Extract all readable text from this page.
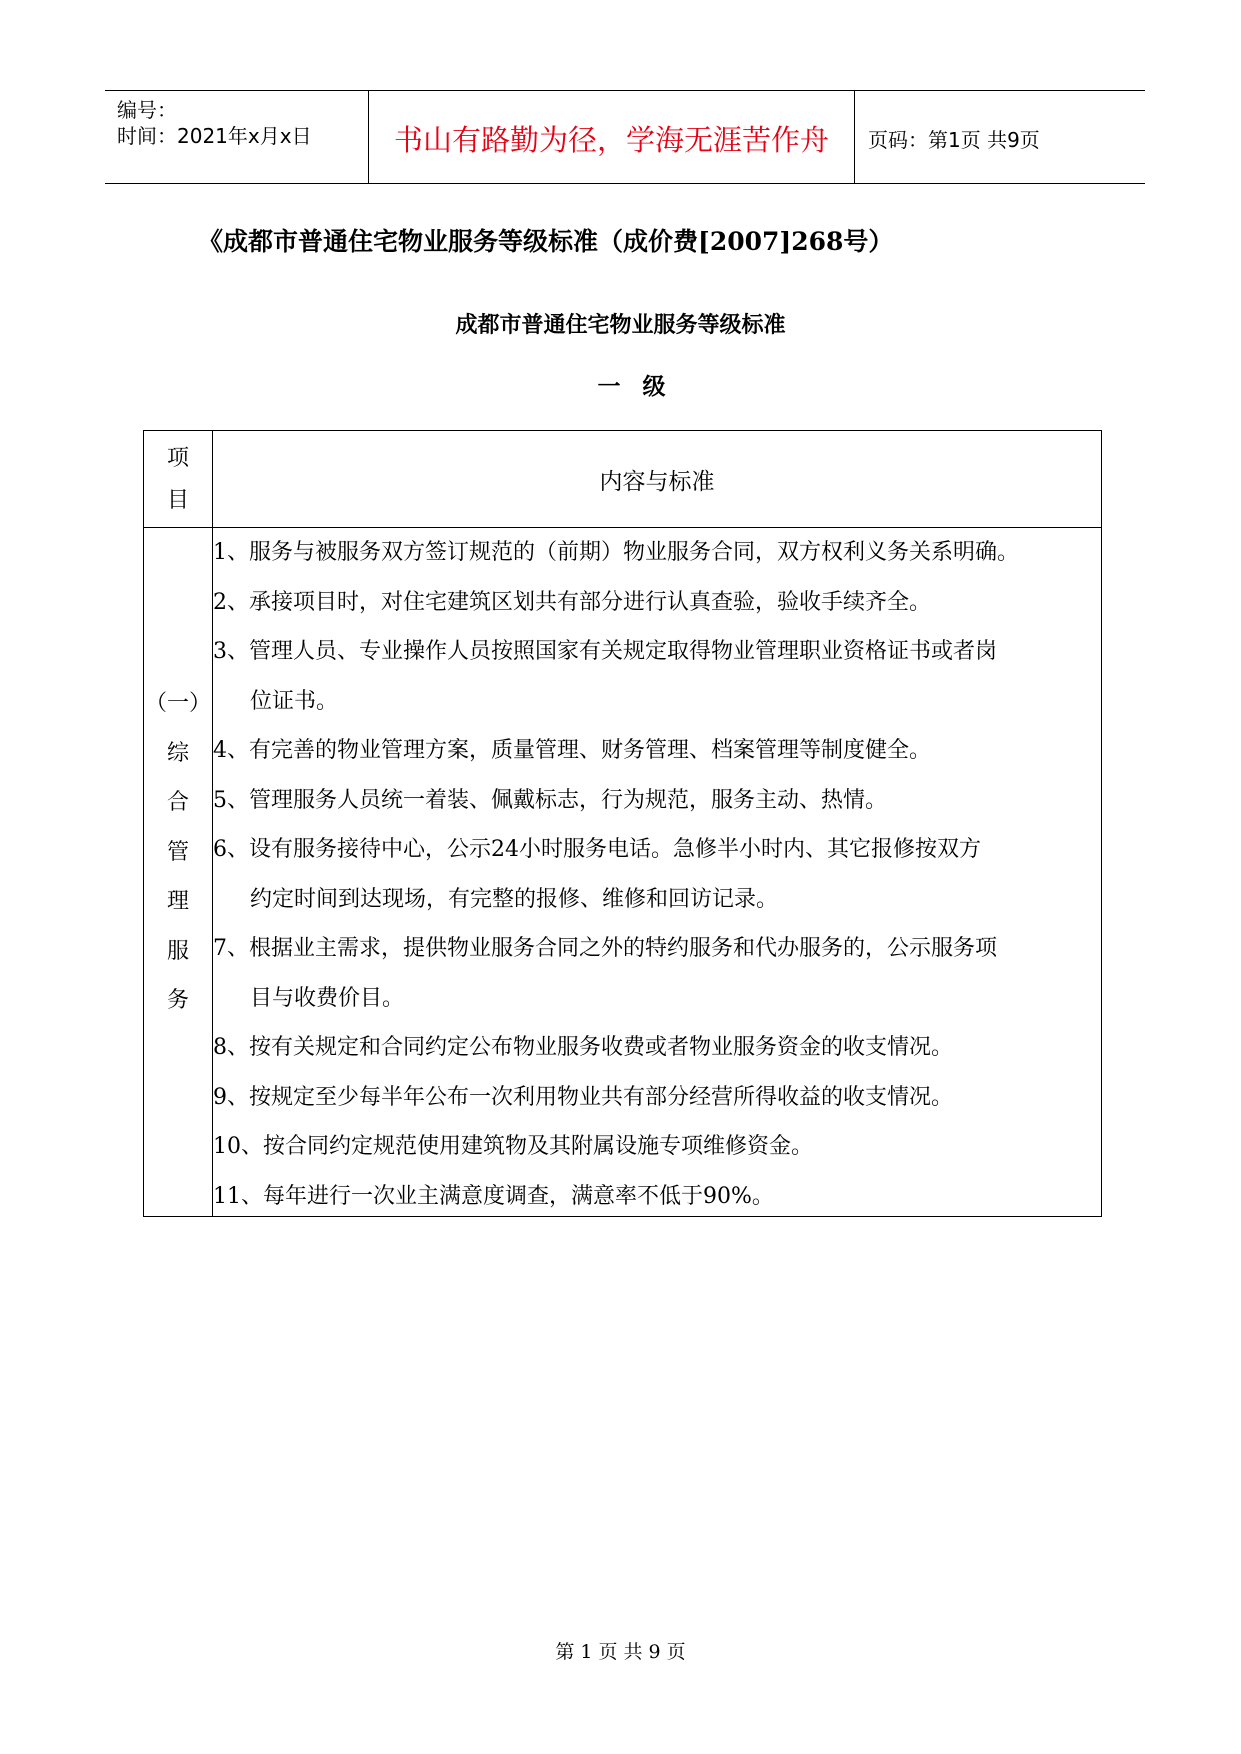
编号：
时间：2021年x月x日	书山有路勤为径，学海无涯苦作舟	页码：第1页 共9页
《成都市普通住宅物业服务等级标准（成价费[2007]268号）
成都市普通住宅物业服务等级标准
一级
项
目
内容与标准
（一）
综
合
管
理
服
务
1、服务与被服务双方签订规范的（前期）物业服务合同，双方权利义务关系明确。
2、承接项目时，对住宅建筑区划共有部分进行认真查验，验收手续齐全。
3、管理人员、专业操作人员按照国家有关规定取得物业管理职业资格证书或者岗
位证书。
4、有完善的物业管理方案，质量管理、财务管理、档案管理等制度健全。
5、管理服务人员统一着装、佩戴标志，行为规范，服务主动、热情。
6、设有服务接待中心，公示24小时服务电话。急修半小时内、其它报修按双方
约定时间到达现场，有完整的报修、维修和回访记录。
7、根据业主需求，提供物业服务合同之外的特约服务和代办服务的，公示服务项
目与收费价目。
8、按有关规定和合同约定公布物业服务收费或者物业服务资金的收支情况。
9、按规定至少每半年公布一次利用物业共有部分经营所得收益的收支情况。
10、按合同约定规范使用建筑物及其附属设施专项维修资金。
11、每年进行一次业主满意度调查，满意率不低于90%。
第 1 页 共 9 页
